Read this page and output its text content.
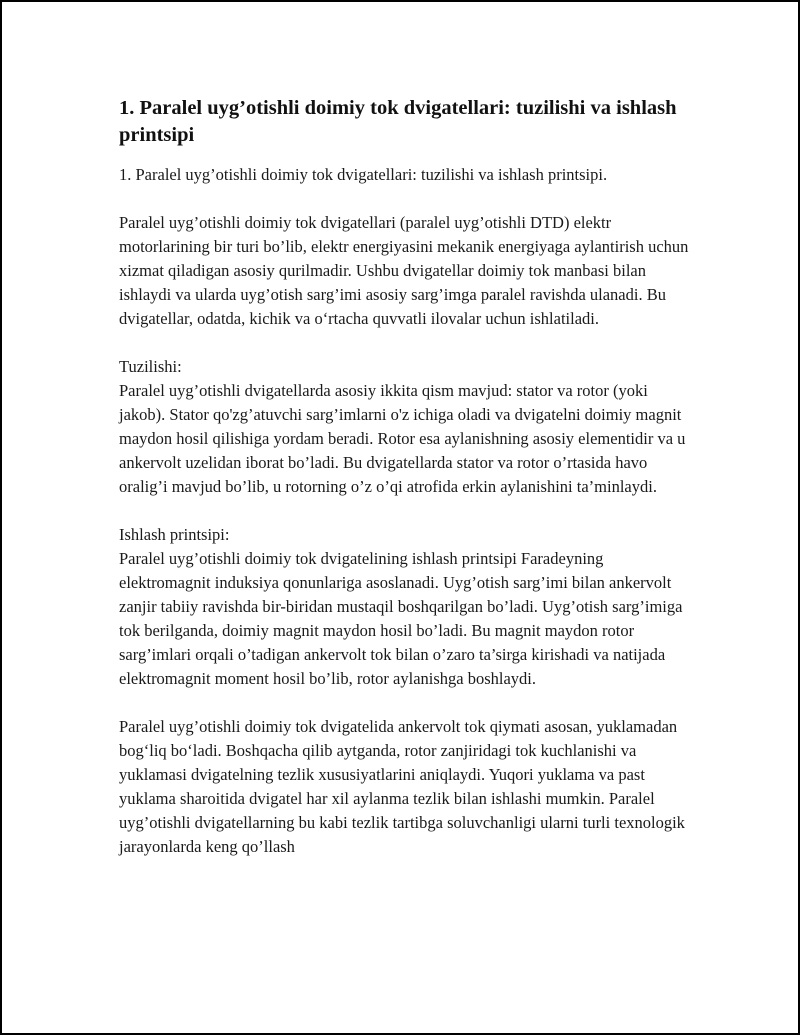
1. Paralel uyg’otishli doimiy tok dvigatellari: tuzilishi va ishlash printsipi

1. Paralel uyg’otishli doimiy tok dvigatellari: tuzilishi va ishlash printsipi.

Paralel uyg’otishli doimiy tok dvigatellari (paralel uyg’otishli DTD) elektr motorlarining bir turi bo’lib, elektr energiyasini mekanik energiyaga aylantirish uchun xizmat qiladigan asosiy qurilmadir. Ushbu dvigatellar doimiy tok manbasi bilan ishlaydi va ularda uyg’otish sarg’imi asosiy sarg’imga paralel ravishda ulanadi. Bu dvigatellar, odatda, kichik va o‘rtacha quvvatli ilovalar uchun ishlatiladi.

Tuzilishi:

Paralel uyg’otishli dvigatellarda asosiy ikkita qism mavjud: stator va rotor (yoki jakob). Stator qo'zg’atuvchi sarg’imlarni o'z ichiga oladi va dvigatelni doimiy magnit maydon hosil qilishiga yordam beradi. Rotor esa aylanishning asosiy elementidir va u ankervolt uzelidan iborat bo’ladi. Bu dvigatellarda stator va rotor o’rtasida havo oralig’i mavjud bo’lib, u rotorning o’z o’qi atrofida erkin aylanishini ta’minlaydi.

Ishlash printsipi:

Paralel uyg’otishli doimiy tok dvigatelining ishlash printsipi Faradeyning elektromagnit induksiya qonunlariga asoslanadi. Uyg’otish sarg’imi bilan ankervolt zanjir tabiiy ravishda bir-biridan mustaqil boshqarilgan bo’ladi. Uyg’otish sarg’imiga tok berilganda, doimiy magnit maydon hosil bo’ladi. Bu magnit maydon rotor sarg’imlari orqali o’tadigan ankervolt tok bilan o’zaro ta’sirga kirishadi va natijada elektromagnit moment hosil bo’lib, rotor aylanishga boshlaydi.

Paralel uyg’otishli doimiy tok dvigatelida ankervolt tok qiymati asosan, yuklamadan bog‘liq bo‘ladi. Boshqacha qilib aytganda, rotor zanjiridagi tok kuchlanishi va yuklamasi dvigatelning tezlik xususiyatlarini aniqlaydi. Yuqori yuklama va past yuklama sharoitida dvigatel har xil aylanma tezlik bilan ishlashi mumkin. Paralel uyg’otishli dvigatellarning bu kabi tezlik tartibga soluvchanligi ularni turli texnologik jarayonlarda keng qo’llash
